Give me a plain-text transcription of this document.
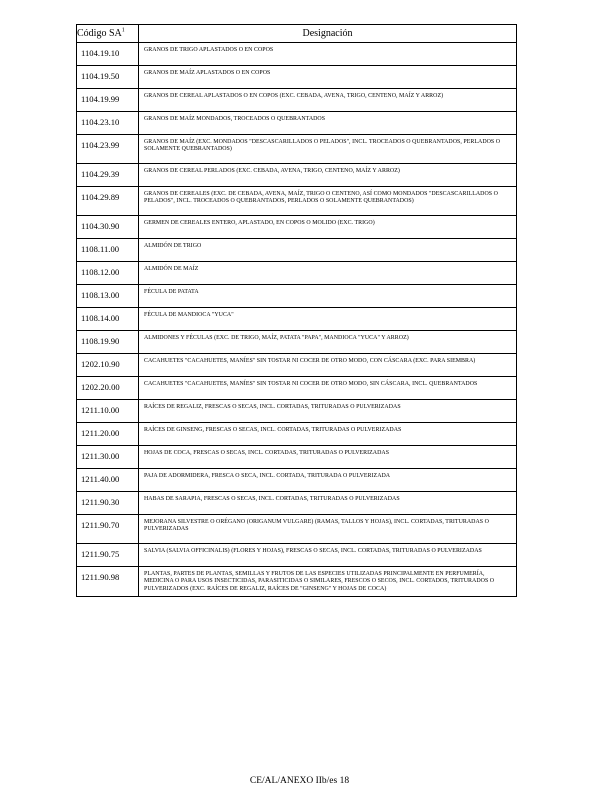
Código $SA^1$	Designación
1104.19.10	GRANOS DE TRIGO APLASTADOS O EN COPOS
1104.19.50	GRANOS DE MAÍZ APLASTADOS O EN COPOS
1104.19.99	GRANOS DE CEREAL APLASTADOS O EN COPOS (EXC. CEBADA, AVENA, TRIGO, CENTENO, MAÍZ Y ARROZ)
1104.23.10	GRANOS DE MAÍZ MONDADOS, TROCEADOS O QUEBRANTADOS
1104.23.99	GRANOS DE MAÍZ (EXC. MONDADOS "DESCASCARILLADOS O PELADOS", INCL. TROCEADOS O QUEBRANTADOS, PERLADOS O SOLAMENTE QUEBRANTADOS)
1104.29.39	GRANOS DE CEREAL PERLADOS (EXC. CEBADA, AVENA, TRIGO, CENTENO, MAÍZ Y ARROZ)
1104.29.89	GRANOS DE CEREALES (EXC. DE CEBADA, AVENA, MAÍZ, TRIGO O CENTENO, ASÍ COMO MONDADOS "DESCASCARILLADOS O PELADOS", INCL. TROCEADOS O QUEBRANTADOS, PERLADOS O SOLAMENTE QUEBRANTADOS)
1104.30.90	GERMEN DE CEREALES ENTERO, APLASTADO, EN COPOS O MOLIDO (EXC. TRIGO)
1108.11.00	ALMIDÓN DE TRIGO
1108.12.00	ALMIDÓN DE MAÍZ
1108.13.00	FÉCULA DE PATATA
1108.14.00	FÉCULA DE MANDIOCA "YUCA"
1108.19.90	ALMIDONES Y FÉCULAS (EXC. DE TRIGO, MAÍZ, PATATA "PAPA", MANDIOCA "YUCA" Y ARROZ)
1202.10.90	CACAHUETES "CACAHUETES, MANÍES" SIN TOSTAR NI COCER DE OTRO MODO, CON CÁSCARA (EXC. PARA SIEMBRA)
1202.20.00	CACAHUETES "CACAHUETES, MANÍES" SIN TOSTAR NI COCER DE OTRO MODO, SIN CÁSCARA, INCL. QUEBRANTADOS
1211.10.00	RAÍCES DE REGALIZ, FRESCAS O SECAS, INCL. CORTADAS, TRITURADAS O PULVERIZADAS
1211.20.00	RAÍCES DE GINSENG, FRESCAS O SECAS, INCL. CORTADAS, TRITURADAS O PULVERIZADAS
1211.30.00	HOJAS DE COCA, FRESCAS O SECAS, INCL. CORTADAS, TRITURADAS O PULVERIZADAS
1211.40.00	PAJA DE ADORMIDERA, FRESCA O SECA, INCL. CORTADA, TRITURADA O PULVERIZADA
1211.90.30	HABAS DE SARAPIA, FRESCAS O SECAS, INCL. CORTADAS, TRITURADAS O PULVERIZADAS
1211.90.70	MEJORANA SILVESTRE O ORÉGANO (ORIGANUM VULGARE) (RAMAS, TALLOS Y HOJAS), INCL. CORTADAS, TRITURADAS O PULVERIZADAS
1211.90.75	SALVIA (SALVIA OFFICINALIS) (FLORES Y HOJAS), FRESCAS O SECAS, INCL. CORTADAS, TRITURADAS O PULVERIZADAS
1211.90.98	PLANTAS, PARTES DE PLANTAS, SEMILLAS Y FRUTOS DE LAS ESPECIES UTILIZADAS PRINCIPALMENTE EN PERFUMERÍA, MEDICINA O PARA USOS INSECTICIDAS, PARASITICIDAS O SIMILARES, FRESCOS O SECOS, INCL. CORTADOS, TRITURADOS O PULVERIZADOS (EXC. RAÍCES DE REGALIZ, RAÍCES DE "GINSENG" Y HOJAS DE COCA)
CE/AL/ANEXO IIb/es 18
